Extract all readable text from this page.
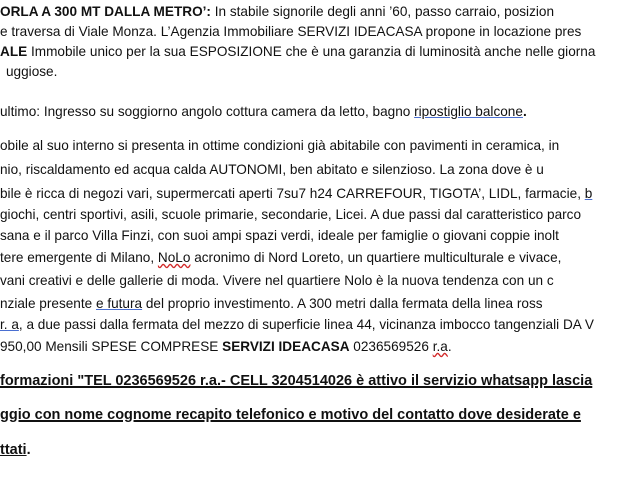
ORLA A 300 MT DALLA METRO’: In stabile signorile degli anni ’60, passo carraio, posizion
e traversa di Viale Monza. L’Agenzia Immobiliare SERVIZI IDEACASA propone in locazione pres
ALE Immobile unico per la sua ESPOSIZIONE che è una garanzia di luminosità anche nelle giorna
uggiose.
ultimo: Ingresso su soggiorno angolo cottura camera da letto, bagno ripostiglio balcone.
obile al suo interno si presenta in ottime condizioni già abitabile con pavimenti in ceramica, in
nio, riscaldamento ed acqua calda AUTONOMI, ben abitato e silenzioso. La zona dove è u
bile è ricca di negozi vari, supermercati aperti 7su7 h24 CARREFOUR, TIGOTA’, LIDL, farmacie, b
giochi, centri sportivi, asili, scuole primarie, secondarie, Licei. A due passi dal caratteristico parco
sana e il parco Villa Finzi, con suoi ampi spazi verdi, ideale per famiglie o giovani coppie inolt
tere emergente di Milano, NoLo acronimo di Nord Loreto, un quartiere multiculturale e vivace,
vani creativi e delle gallerie di moda. Vivere nel quartiere Nolo è la nuova tendenza con un c
nziale presente e futura del proprio investimento. A 300 metri dalla fermata della linea ross
r. a, a due passi dalla fermata del mezzo di superficie linea 44, vicinanza imbocco tangenziali DA V
950,00 Mensili SPESE COMPRESE SERVIZI IDEACASA 0236569526 r.a.
formazioni "TEL 0236569526 r.a.- CELL 3204514026 è attivo il servizio whatsapp lascia
ggio con nome cognome recapito telefonico e motivo del contatto dove desiderate e
ttati.
